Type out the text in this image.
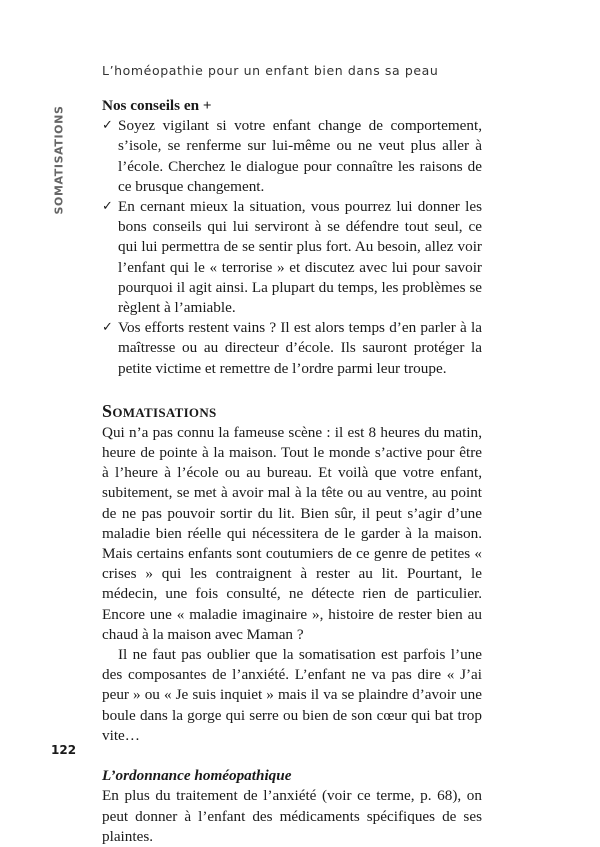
L’homéopathie pour un enfant bien dans sa peau
SOMATISATIONS
Nos conseils en +
✓ Soyez vigilant si votre enfant change de comportement, s’isole, se renferme sur lui-même ou ne veut plus aller à l’école. Cherchez le dialogue pour connaître les raisons de ce brusque changement.
✓ En cernant mieux la situation, vous pourrez lui donner les bons conseils qui lui serviront à se défendre tout seul, ce qui lui permettra de se sentir plus fort. Au besoin, allez voir l’enfant qui le « terrorise » et discutez avec lui pour savoir pourquoi il agit ainsi. La plupart du temps, les problèmes se règlent à l’amiable.
✓ Vos efforts restent vains ? Il est alors temps d’en parler à la maîtresse ou au directeur d’école. Ils sauront protéger la petite victime et remettre de l’ordre parmi leur troupe.
SOMATISATIONS

Qui n’a pas connu la fameuse scène : il est 8 heures du matin, heure de pointe à la maison. Tout le monde s’active pour être à l’heure à l’école ou au bureau. Et voilà que votre enfant, subitement, se met à avoir mal à la tête ou au ventre, au point de ne pas pouvoir sortir du lit. Bien sûr, il peut s’agir d’une maladie bien réelle qui nécessitera de le garder à la maison. Mais certains enfants sont coutumiers de ce genre de petites « crises » qui les contraignent à rester au lit. Pourtant, le médecin, une fois consulté, ne détecte rien de particulier. Encore une « maladie imaginaire », histoire de rester bien au chaud à la maison avec Maman ?

Il ne faut pas oublier que la somatisation est parfois l’une des composantes de l’anxiété. L’enfant ne va pas dire « J’ai peur » ou « Je suis inquiet » mais il va se plaindre d’avoir une boule dans la gorge qui serre ou bien de son cœur qui bat trop vite…

L’ordonnance homéopathique

En plus du traitement de l’anxiété (voir ce terme, p. 68), on peut donner à l’enfant des médicaments spécifiques de ses plaintes.

122
